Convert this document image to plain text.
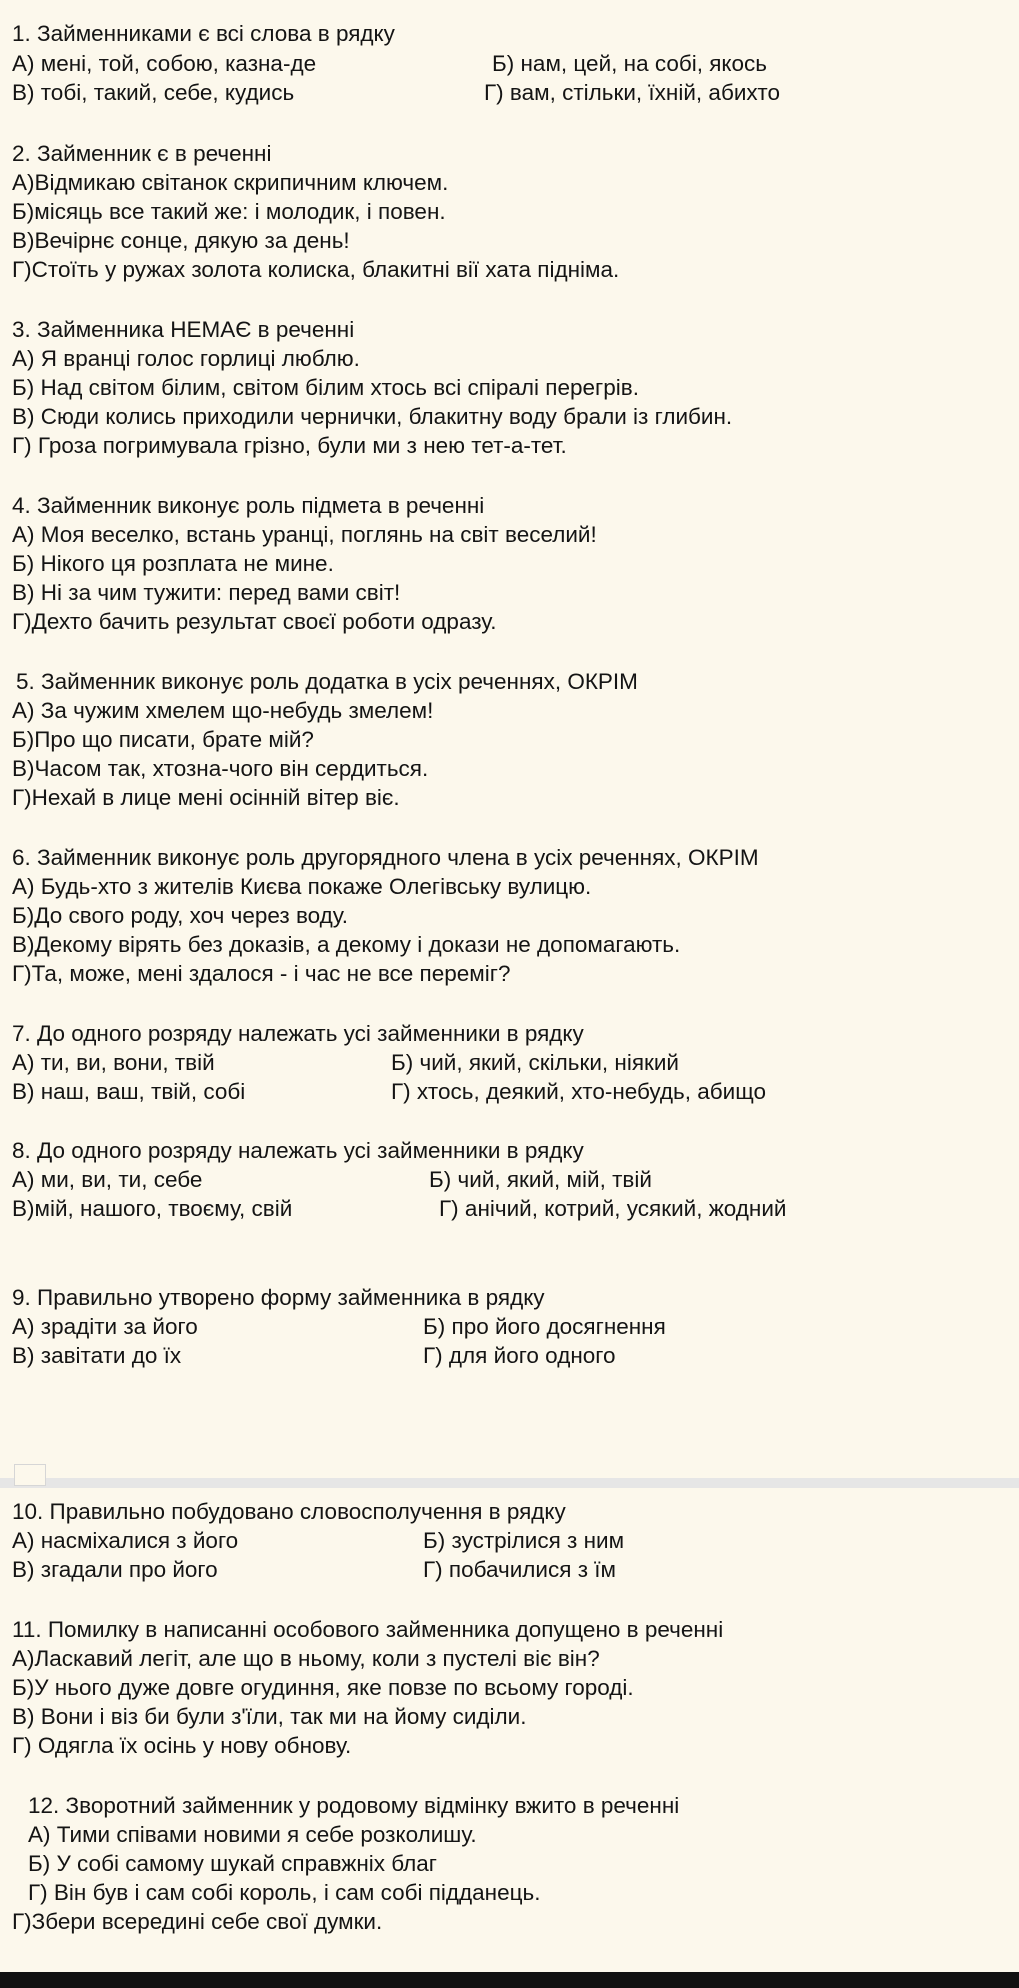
1. Займенниками є всі слова в рядку
А) мені, той, собою, казна-де	Б) нам, цей, на собі, якось
В) тобі, такий, себе, кудись	Г) вам, стільки, їхній, абихто
2. Займенник є в реченні
А)Відмикаю світанок скрипичним ключем.
Б)місяць все такий же: і молодик, і повен.
В)Вечірнє сонце, дякую за день!
Г)Стоїть у ружах золота колиска, блакитні вії хата підніма.
3. Займенника НЕМАЄ в реченні
А) Я вранці голос горлиці люблю.
Б) Над світом білим, світом білим хтось всі спіралі перегрів.
В) Сюди колись приходили чернички, блакитну воду брали із глибин.
Г) Гроза погримувала грізно, були ми з нею тет-а-тет.
4. Займенник виконує роль підмета в реченні
А) Моя веселко, встань уранці, поглянь на світ веселий!
Б) Нікого ця розплата не мине.
В) Ні за чим тужити: перед вами світ!
Г)Дехто бачить результат своєї роботи одразу.
5. Займенник виконує роль додатка в усіх реченнях, ОКРІМ
А) За чужим хмелем що-небудь змелем!
Б)Про що писати, брате мій?
В)Часом так, хтозна-чого він сердиться.
Г)Нехай в лице мені осінній вітер віє.
6. Займенник виконує роль другорядного члена в усіх реченнях, ОКРІМ
А) Будь-хто з жителів Києва покаже Олегівську вулицю.
Б)До свого роду, хоч через воду.
В)Декому вірять без доказів, а декому і докази не допомагають.
Г)Та, може, мені здалося - і час не все переміг?
7. До одного розряду належать усі займенники в рядку
А) ти, ви, вони, твій	Б) чий, який, скільки, ніякий
В) наш, ваш, твій, собі	Г) хтось, деякий, хто-небудь, абищо
8. До одного розряду належать усі займенники в рядку
А) ми, ви, ти, себе	Б) чий, який, мій, твій
В)мій, нашого, твоєму, свій	Г) анічий, котрий, усякий, жодний
9. Правильно утворено форму займенника в рядку
А) зрадіти за його	Б) про його досягнення
В) завітати до їх	Г) для його одного
10. Правильно побудовано словосполучення в рядку
А) насміхалися з його	Б) зустрілися з ним
В) згадали про його	Г) побачилися з їм
11. Помилку в написанні особового займенника допущено в реченні
А)Ласкавий легіт, але що в ньому, коли з пустелі віє він?
Б)У нього дуже довге огудиння, яке повзе по всьому городі.
В) Вони і віз би були з'їли, так ми на йому сиділи.
Г) Одягла їх осінь у нову обнову.
12. Зворотний займенник у родовому відмінку вжито в реченні
А) Тими співами новими я себе розколишу.
Б) У собі самому шукай справжніх благ
Г) Він був і сам собі король, і сам собі підданець.
Г)Збери всередині себе свої думки.
